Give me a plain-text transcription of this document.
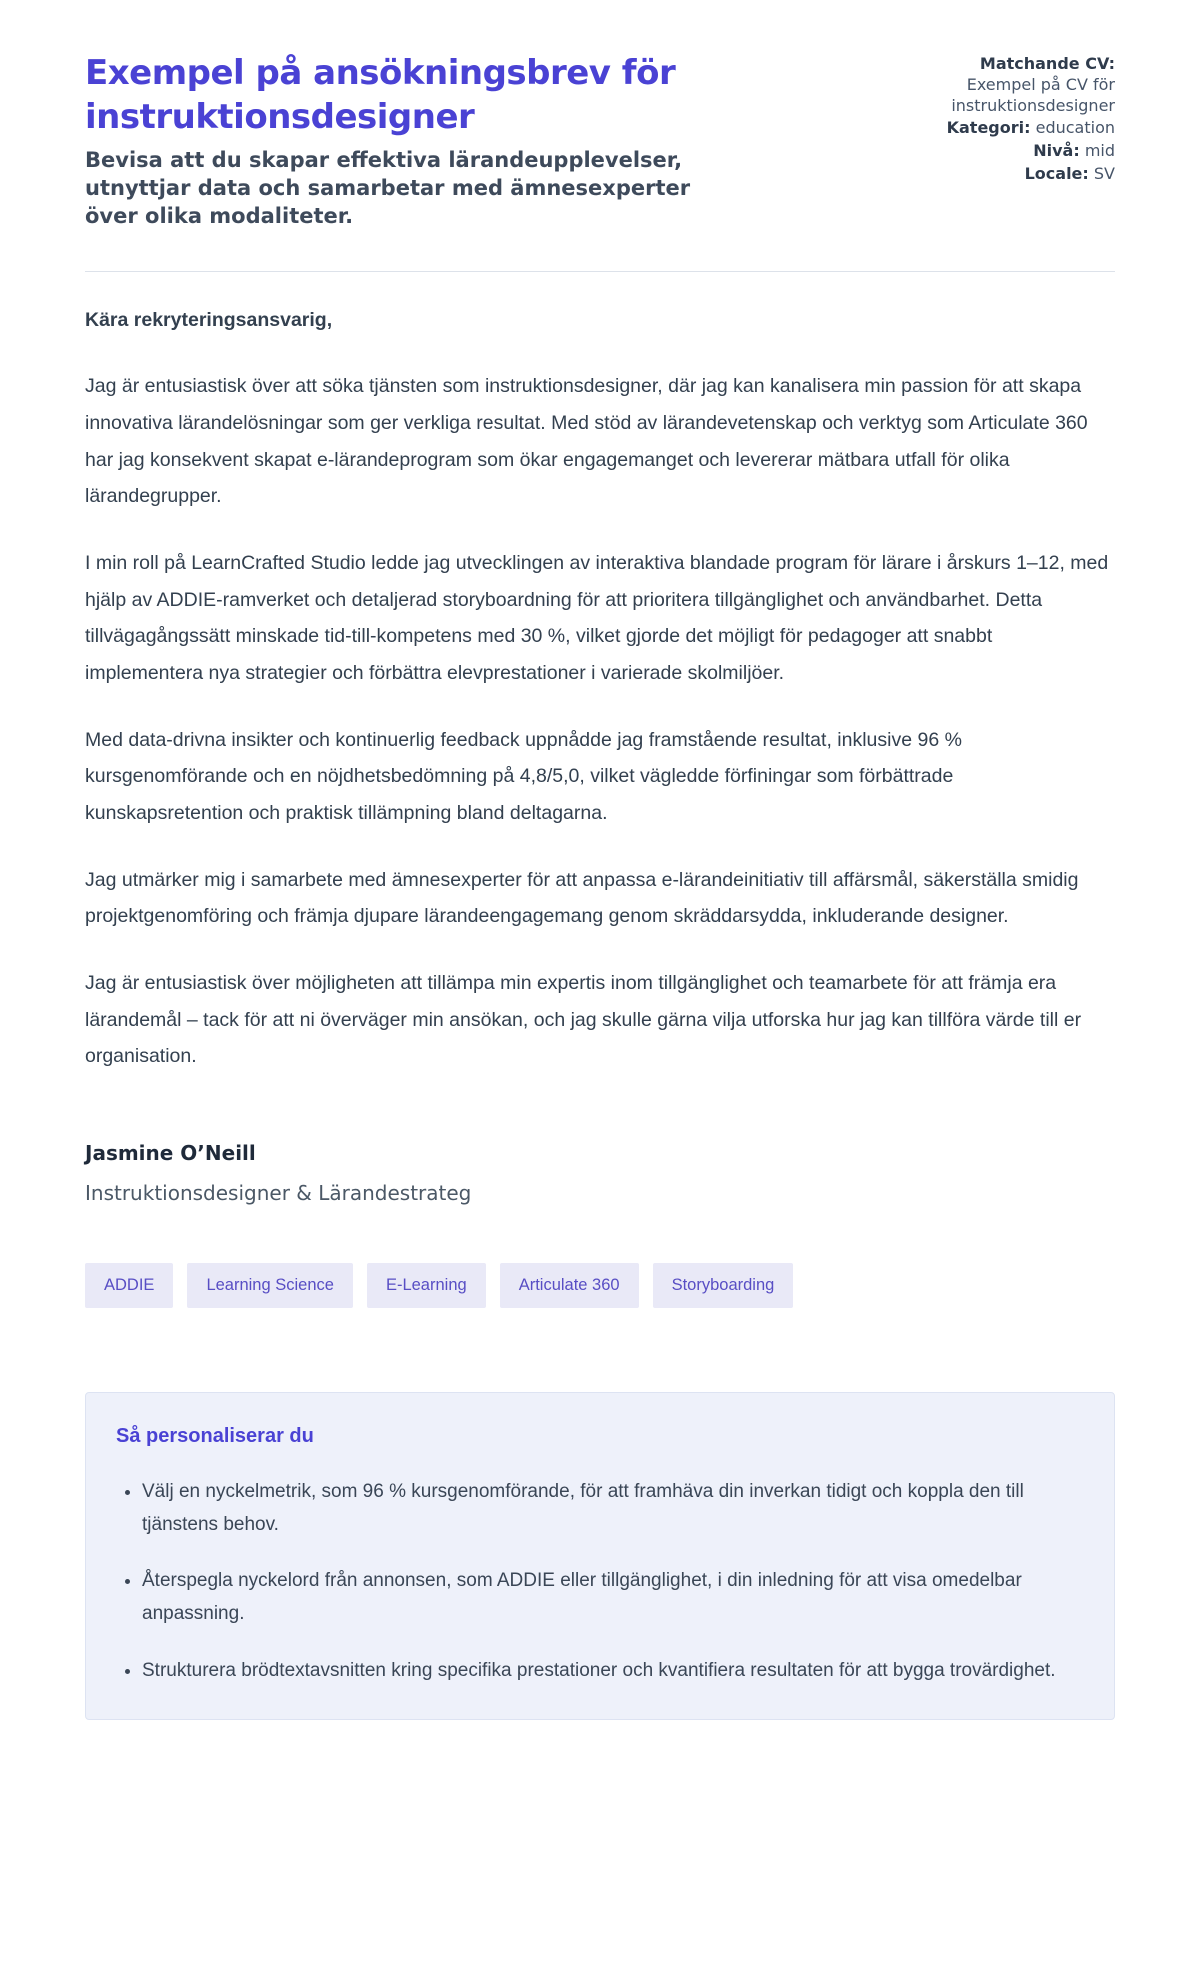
Exempel på ansökningsbrev för instruktionsdesigner

Bevisa att du skapar effektiva lärandeupplevelser, utnyttjar data och samarbetar med ämnesexperter över olika modaliteter.

Matchande CV:
Exempel på CV för instruktionsdesigner
Kategori: education
Nivå: mid
Locale: SV

Kära rekryteringsansvarig,

Jag är entusiastisk över att söka tjänsten som instruktionsdesigner, där jag kan kanalisera min passion för att skapa innovativa lärandelösningar som ger verkliga resultat. Med stöd av lärandevetenskap och verktyg som Articulate 360 har jag konsekvent skapat e-lärandeprogram som ökar engagemanget och levererar mätbara utfall för olika lärandegrupper.

I min roll på LearnCrafted Studio ledde jag utvecklingen av interaktiva blandade program för lärare i årskurs 1–12, med hjälp av ADDIE-ramverket och detaljerad storyboardning för att prioritera tillgänglighet och användbarhet. Detta tillvägagångssätt minskade tid-till-kompetens med 30 %, vilket gjorde det möjligt för pedagoger att snabbt implementera nya strategier och förbättra elevprestationer i varierade skolmiljöer.

Med data-drivna insikter och kontinuerlig feedback uppnådde jag framstående resultat, inklusive 96 % kursgenomförande och en nöjdhetsbedömning på 4,8/5,0, vilket vägledde förfiningar som förbättrade kunskapsretention och praktisk tillämpning bland deltagarna.

Jag utmärker mig i samarbete med ämnesexperter för att anpassa e-lärandeinitiativ till affärsmål, säkerställa smidig projektgenomföring och främja djupare lärandeengagemang genom skräddarsydda, inkluderande designer.

Jag är entusiastisk över möjligheten att tillämpa min expertis inom tillgänglighet och teamarbete för att främja era lärandemål – tack för att ni överväger min ansökan, och jag skulle gärna vilja utforska hur jag kan tillföra värde till er organisation.

Jasmine O’Neill
Instruktionsdesigner & Lärandestrateg
ADDIE	Learning Science	E-Learning	Articulate 360	Storyboarding
Så personaliserar du
• Välj en nyckelmetrik, som 96 % kursgenomförande, för att framhäva din inverkan tidigt och koppla den till tjänstens behov.
• Återspegla nyckelord från annonsen, som ADDIE eller tillgänglighet, i din inledning för att visa omedelbar anpassning.
• Strukturera brödtextavsnitten kring specifika prestationer och kvantifiera resultaten för att bygga trovärdighet.
